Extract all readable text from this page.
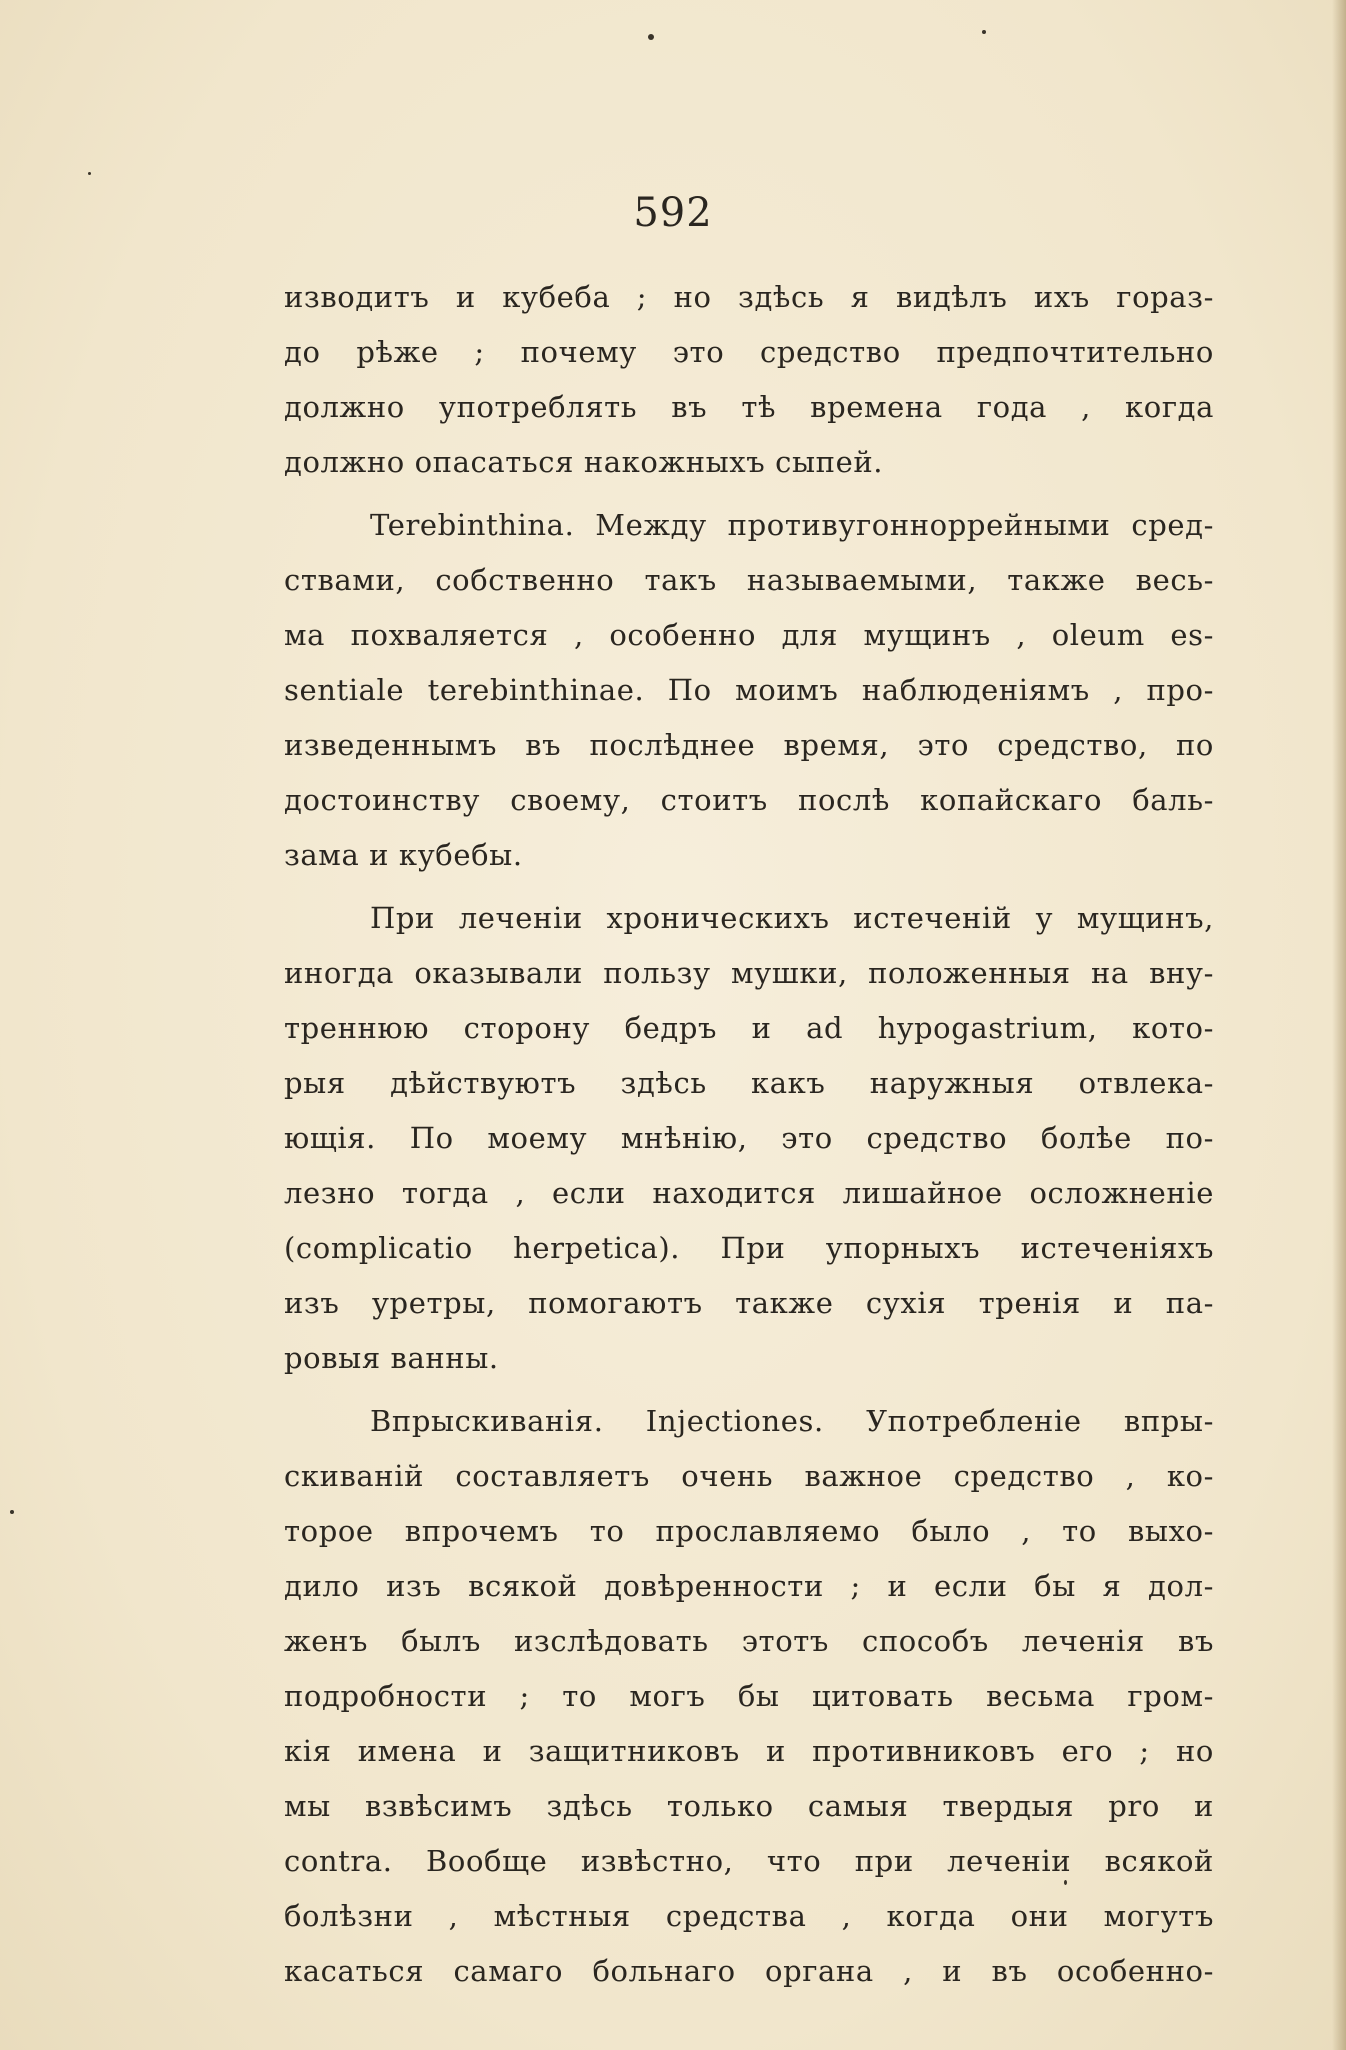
592
изводитъ и кубеба ; но здѣсь я видѣлъ ихъ гораз-
до рѣже ; почему это средство предпочтительно
должно употреблять въ тѣ времена года , когда
должно опасаться накожныхъ сыпей.
Terebinthina. Между противугонноррейными сред-
ствами, собственно такъ называемыми, также весь-
ма похваляется , особенно для мущинъ , oleum es-
sentiale terebinthinae. По моимъ наблюденіямъ , про-
изведеннымъ въ послѣднее время, это средство, по
достоинству своему, стоитъ послѣ копайскаго баль-
зама и кубебы.
При леченіи хроническихъ истеченій у мущинъ,
иногда оказывали пользу мушки, положенныя на вну-
треннюю сторону бедръ и ad hypogastrium, кото-
рыя дѣйствуютъ здѣсь какъ наружныя отвлека-
ющія. По моему мнѣнію, это средство болѣе по-
лезно тогда , если находится лишайное осложненіе
(complicatio herpetica). При упорныхъ истеченіяхъ
изъ уретры, помогаютъ также сухія тренія и па-
ровыя ванны.
Впрыскиванія. Injectiones. Употребленіе впры-
скиваній составляетъ очень важное средство , ко-
торое впрочемъ то прославляемо было , то выхо-
дило изъ всякой довѣренности ; и если бы я дол-
женъ былъ изслѣдовать этотъ способъ леченія въ
подробности ; то могъ бы цитовать весьма гром-
кія имена и защитниковъ и противниковъ его ; но
мы взвѣсимъ здѣсь только самыя твердыя pro и
contra. Вообще извѣстно, что при леченіи всякой
болѣзни , мѣстныя средства , когда они могутъ
касаться самаго больнаго органа , и въ особенно-
